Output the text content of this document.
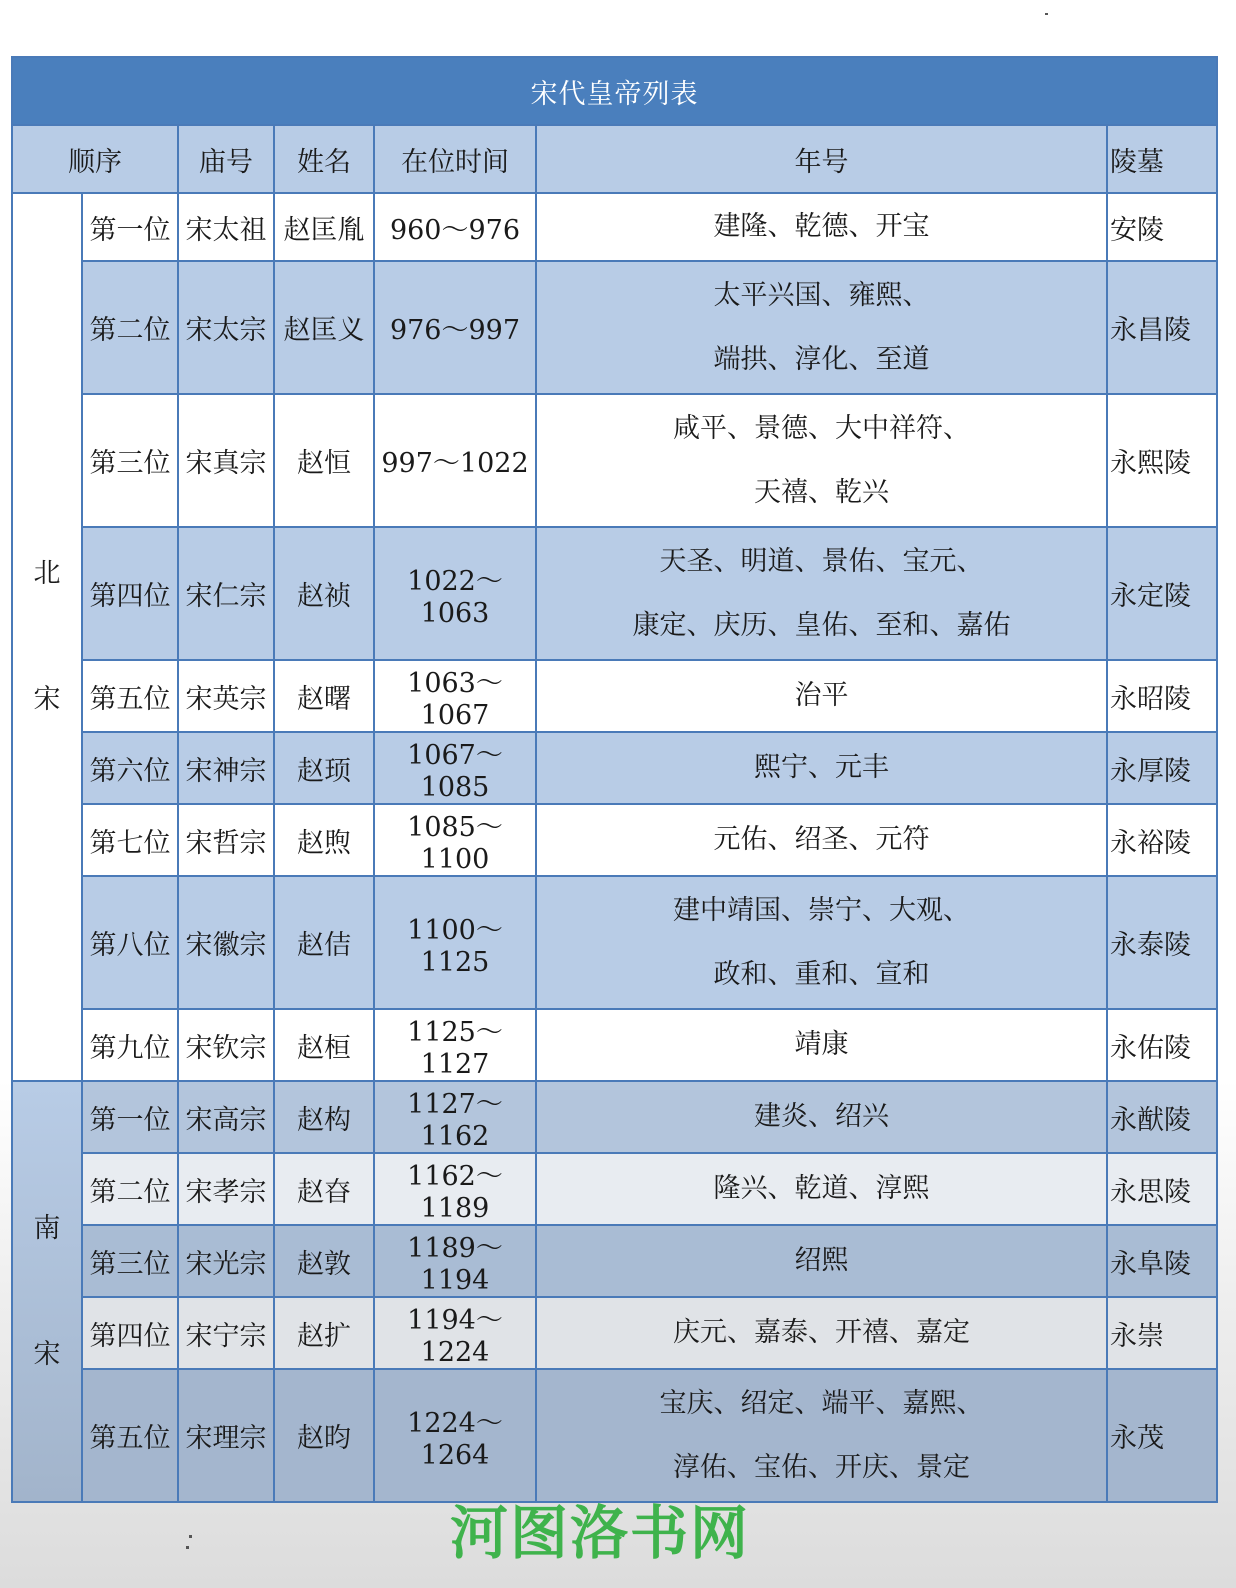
宋代皇帝列表						
顺序		庙号	姓名	在位时间	年号	陵墓

北
宋	第一位	宋太祖	赵匡胤	960～976	建隆、乾德、开宝	安陵
	第二位	宋太宗	赵匡义	976～997	太平兴国、雍熙、
端拱、淳化、至道	永昌陵
	第三位	宋真宗	赵恒	997～1022	咸平、景德、大中祥符、
天禧、乾兴	永熙陵
	第四位	宋仁宗	赵祯	1022～1063	天圣、明道、景佑、宝元、
康定、庆历、皇佑、至和、嘉佑	永定陵
	第五位	宋英宗	赵曙	1063～1067	治平	永昭陵
	第六位	宋神宗	赵顼	1067～1085	熙宁、元丰	永厚陵
	第七位	宋哲宗	赵煦	1085～1100	元佑、绍圣、元符	永裕陵
	第八位	宋徽宗	赵佶	1100～1125	建中靖国、崇宁、大观、
政和、重和、宣和	永泰陵
	第九位	宋钦宗	赵桓	1125～1127	靖康	永佑陵

南
宋	第一位	宋高宗	赵构	1127～1162	建炎、绍兴	永猷陵
	第二位	宋孝宗	赵昚	1162～1189	隆兴、乾道、淳熙	永思陵
	第三位	宋光宗	赵敦	1189～1194	绍熙	永阜陵
	第四位	宋宁宗	赵扩	1194～1224	庆元、嘉泰、开禧、嘉定	永崇
	第五位	宋理宗	赵昀	1224～1264	宝庆、绍定、端平、嘉熙、
淳佑、宝佑、开庆、景定	永茂
河图洛书网
